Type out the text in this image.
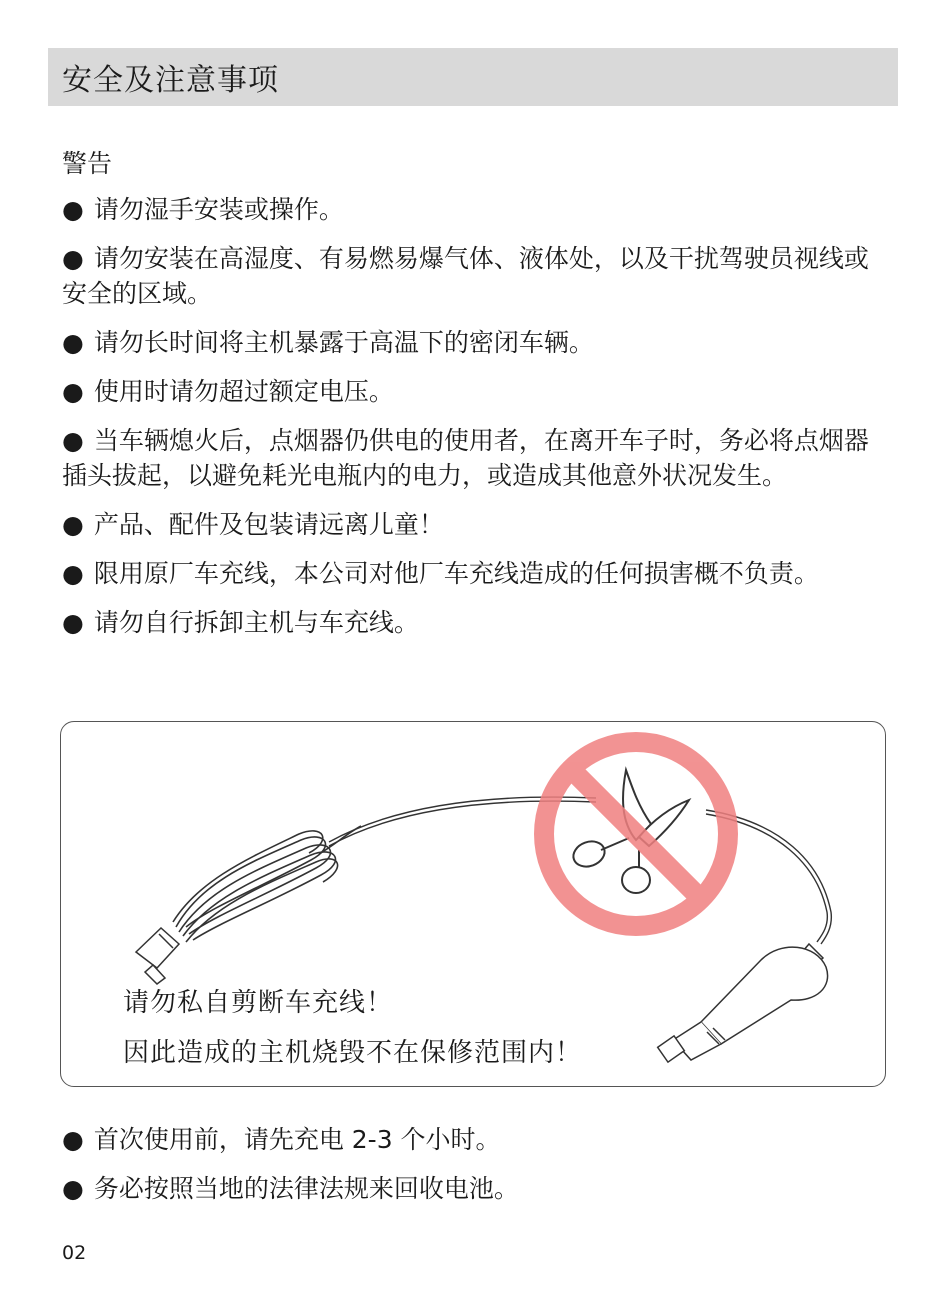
安全及注意事项
警告
● 请勿湿手安装或操作。
● 请勿安装在高湿度、有易燃易爆气体、液体处，以及干扰驾驶员视线或安全的区域。
● 请勿长时间将主机暴露于高温下的密闭车辆。
● 使用时请勿超过额定电压。
● 当车辆熄火后，点烟器仍供电的使用者，在离开车子时，务必将点烟器插头拔起，以避免耗光电瓶内的电力，或造成其他意外状况发生。
● 产品、配件及包装请远离儿童！
● 限用原厂车充线，本公司对他厂车充线造成的任何损害概不负责。
● 请勿自行拆卸主机与车充线。
请勿私自剪断车充线！
因此造成的主机烧毁不在保修范围内！
● 首次使用前，请先充电 2-3 个小时。
● 务必按照当地的法律法规来回收电池。
02
